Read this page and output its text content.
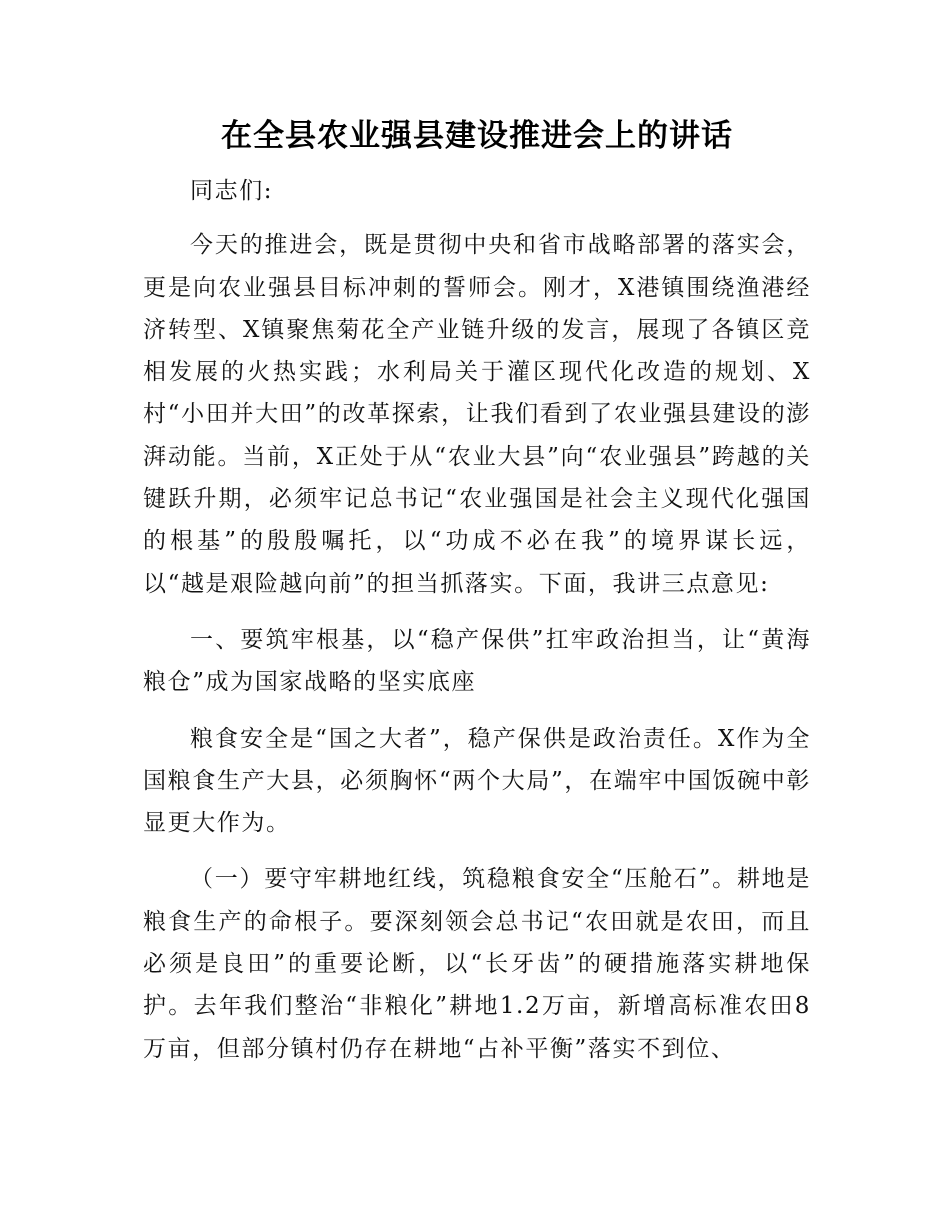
在全县农业强县建设推进会上的讲话

同志们:

今天的推进会，既是贯彻中央和省市战略部署的落实会，更是向农业强县目标冲刺的誓师会。刚才，X港镇围绕渔港经济转型、X镇聚焦菊花全产业链升级的发言，展现了各镇区竞相发展的火热实践；水利局关于灌区现代化改造的规划、X村“小田并大田”的改革探索，让我们看到了农业强县建设的澎湃动能。当前，X正处于从“农业大县”向“农业强县”跨越的关键跃升期，必须牢记总书记“农业强国是社会主义现代化强国的根基”的殷殷嘱托，以“功成不必在我”的境界谋长远，以“越是艰险越向前”的担当抓落实。下面，我讲三点意见:

一、要筑牢根基，以“稳产保供”扛牢政治担当，让“黄海粮仓”成为国家战略的坚实底座

粮食安全是“国之大者”，稳产保供是政治责任。X作为全国粮食生产大县，必须胸怀“两个大局”，在端牢中国饭碗中彰显更大作为。

（一）要守牢耕地红线，筑稳粮食安全“压舱石”。耕地是粮食生产的命根子。要深刻领会总书记“农田就是农田，而且必须是良田”的重要论断，以“长牙齿”的硬措施落实耕地保护。去年我们整治“非粮化”耕地1.2万亩，新增高标准农田8万亩，但部分镇村仍存在耕地“占补平衡”落实不到位、
